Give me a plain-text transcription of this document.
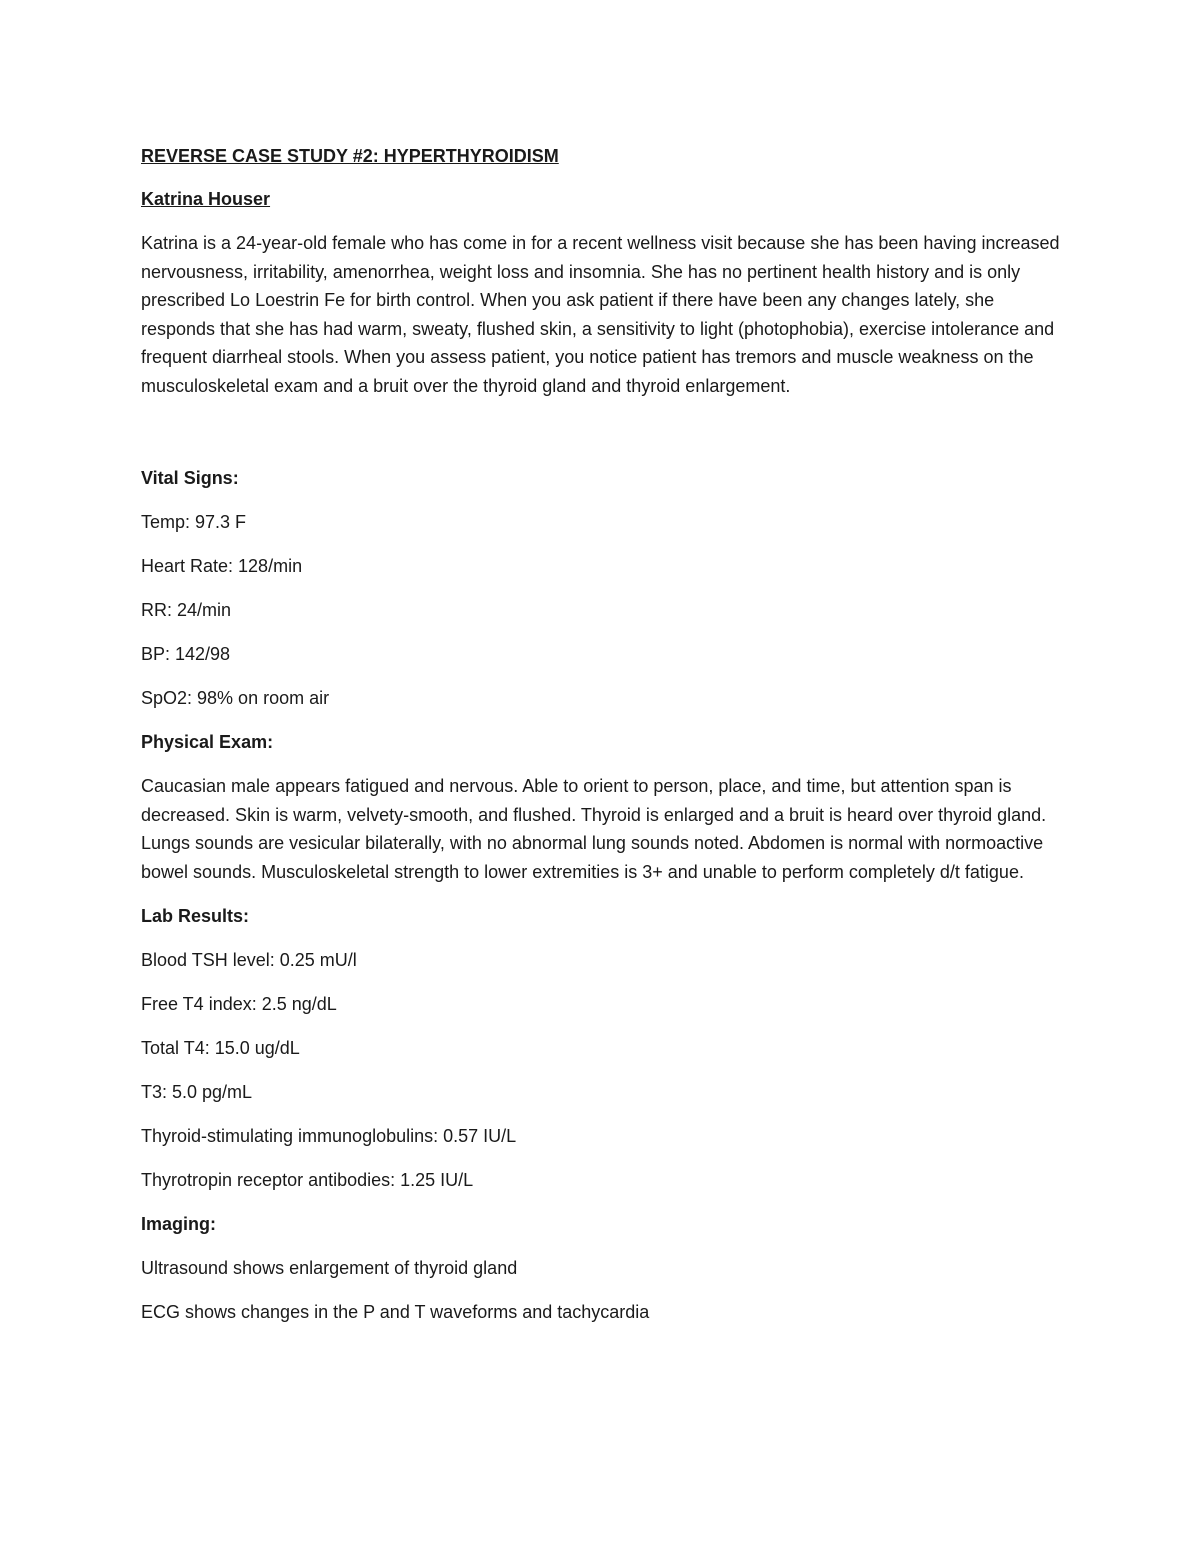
REVERSE CASE STUDY #2: HYPERTHYROIDISM

Katrina Houser

Katrina is a 24-year-old female who has come in for a recent wellness visit because she has been having increased nervousness, irritability, amenorrhea, weight loss and insomnia. She has no pertinent health history and is only prescribed Lo Loestrin Fe for birth control. When you ask patient if there have been any changes lately, she responds that she has had warm, sweaty, flushed skin, a sensitivity to light (photophobia), exercise intolerance and frequent diarrheal stools. When you assess patient, you notice patient has tremors and muscle weakness on the musculoskeletal exam and a bruit over the thyroid gland and thyroid enlargement.

Vital Signs:

Temp: 97.3 F

Heart Rate: 128/min

RR: 24/min

BP: 142/98

SpO2: 98% on room air

Physical Exam:

Caucasian male appears fatigued and nervous. Able to orient to person, place, and time, but attention span is decreased. Skin is warm, velvety-smooth, and flushed. Thyroid is enlarged and a bruit is heard over thyroid gland. Lungs sounds are vesicular bilaterally, with no abnormal lung sounds noted. Abdomen is normal with normoactive bowel sounds. Musculoskeletal strength to lower extremities is 3+ and unable to perform completely d/t fatigue.

Lab Results:

Blood TSH level: 0.25 mU/l

Free T4 index: 2.5 ng/dL

Total T4: 15.0 ug/dL

T3: 5.0 pg/mL

Thyroid-stimulating immunoglobulins: 0.57 IU/L

Thyrotropin receptor antibodies: 1.25 IU/L

Imaging:

Ultrasound shows enlargement of thyroid gland

ECG shows changes in the P and T waveforms and tachycardia
